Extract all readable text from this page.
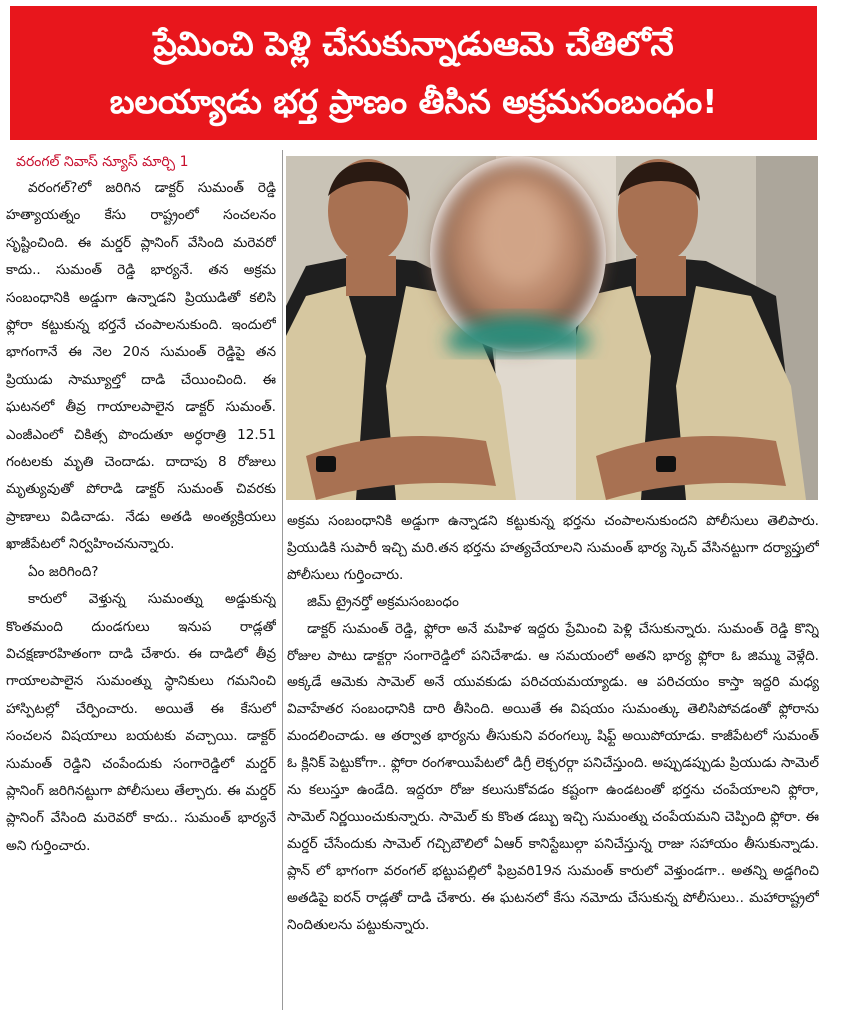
ప్రేమించి పెళ్లి చేసుకున్నాడుఆమె చేతిలోనే
బలయ్యాడు భర్త ప్రాణం తీసిన అక్రమసంబంధం!
వరంగల్ నివాస్ న్యూస్ మార్చి 1

వరంగల్?లో జరిగిన డాక్టర్ సుమంత్ రెడ్డి హత్యాయత్నం కేసు రాష్ట్రంలో సంచలనం సృష్టించింది. ఈ మర్డర్ ప్లానింగ్ వేసింది మరెవరో కాదు.. సుమంత్ రెడ్డి భార్యనే. తన అక్రమ సంబంధానికి అడ్డుగా ఉన్నాడని ప్రియుడితో కలిసి ఫ్లోరా కట్టుకున్న భర్తనే చంపాలనుకుంది. ఇందులో భాగంగానే ఈ నెల 20న సుమంత్ రెడ్డిపై తన ప్రియుడు సామ్యూల్తో దాడి చేయించింది. ఈ ఘటనలో తీవ్ర గాయాలపాలైన డాక్టర్ సుమంత్. ఎంజీఎంలో చికిత్స పొందుతూ అర్ధరాత్రి 12.51 గంటలకు మృతి చెందాడు. దాదాపు 8 రోజులు మృత్యువుతో పోరాడి డాక్టర్ సుమంత్ చివరకు ప్రాణాలు విడిచాడు. నేడు అతడి అంత్యక్రియలు ఖాజీపేటలో నిర్వహించనున్నారు.

ఏం జరిగింది?

కారులో వెళ్తున్న సుమంత్ను అడ్డుకున్న కొంతమంది దుండగులు ఇనుప రాడ్లతో విచక్షణారహితంగా దాడి చేశారు. ఈ దాడిలో తీవ్ర గాయాలపాలైన సుమంత్ను స్థానికులు గమనించి హాస్పిటల్లో చేర్పించారు. అయితే ఈ కేసులో సంచలన విషయాలు బయటకు వచ్చాయి. డాక్టర్ సుమంత్ రెడ్డిని చంపేందుకు సంగారెడ్డిలో మర్డర్ ప్లానింగ్ జరిగినట్టుగా పోలీసులు తేల్చారు. ఈ మర్డర్ ప్లానింగ్ వేసింది మరెవరో కాదు.. సుమంత్ భార్యనే అని గుర్తించారు.

అక్రమ సంబంధానికి అడ్డుగా ఉన్నాడని కట్టుకున్న భర్తను చంపాలనుకుందని పోలీసులు తెలిపారు. ప్రియుడికి సుపారీ ఇచ్చి మరి.తన భర్తను హత్యచేయాలని సుమంత్ భార్య స్కెచ్ వేసినట్టుగా దర్యాప్తులో పోలీసులు గుర్తించారు.

జిమ్ ట్రైనర్తో అక్రమసంబంధం

డాక్టర్ సుమంత్ రెడ్డి, ఫ్లోరా అనే మహిళ ఇద్దరు ప్రేమించి పెళ్లి చేసుకున్నారు. సుమంత్ రెడ్డి కొన్ని రోజుల పాటు డాక్టర్గా సంగారెడ్డిలో పనిచేశాడు. ఆ సమయంలో అతని భార్య ఫ్లోరా ఓ జిమ్ము వెళ్లేది. అక్కడే ఆమెకు సామెల్ అనే యువకుడు పరిచయమయ్యాడు. ఆ పరిచయం కాస్తా ఇద్దరి మధ్య వివాహేతర సంబంధానికి దారి తీసింది. అయితే ఈ విషయం సుమంత్కు తెలిసిపోవడంతో ఫ్లోరాను మందలించాడు. ఆ తర్వాత భార్యను తీసుకుని వరంగల్కు షిఫ్ట్ అయిపోయాడు. కాజీపేటలో సుమంత్ ఓ క్లినిక్ పెట్టుకోగా.. ఫ్లోరా రంగశాయిపేటలో డిగ్రీ లెక్చరర్గా పనిచేస్తుంది. అప్పుడప్పుడు ప్రియుడు సామెల్ ను కలుస్తూ ఉండేది. ఇద్దరూ రోజు కలుసుకోవడం కష్టంగా ఉండటంతో భర్తను చంపేయాలని ఫ్లోరా, సామెల్ నిర్ణయించుకున్నారు. సామెల్ కు కొంత డబ్బు ఇచ్చి సుమంత్ను చంపేయమని చెప్పింది ఫ్లోరా. ఈ మర్డర్ చేసేందుకు సామెల్ గచ్చిబౌలిలో ఏఆర్ కానిస్టేబుల్గా పనిచేస్తున్న రాజు సహాయం తీసుకున్నాడు. ప్లాన్ లో భాగంగా వరంగల్ భట్టుపల్లిలో ఫిబ్రవరి19న సుమంత్ కారులో వెళ్తుండగా.. అతన్ని అడ్డగించి అతడిపై ఐరన్ రాడ్లతో దాడి చేశారు. ఈ ఘటనలో కేసు నమోదు చేసుకున్న పోలీసులు.. మహారాష్ట్రలో నిందితులను పట్టుకున్నారు.
